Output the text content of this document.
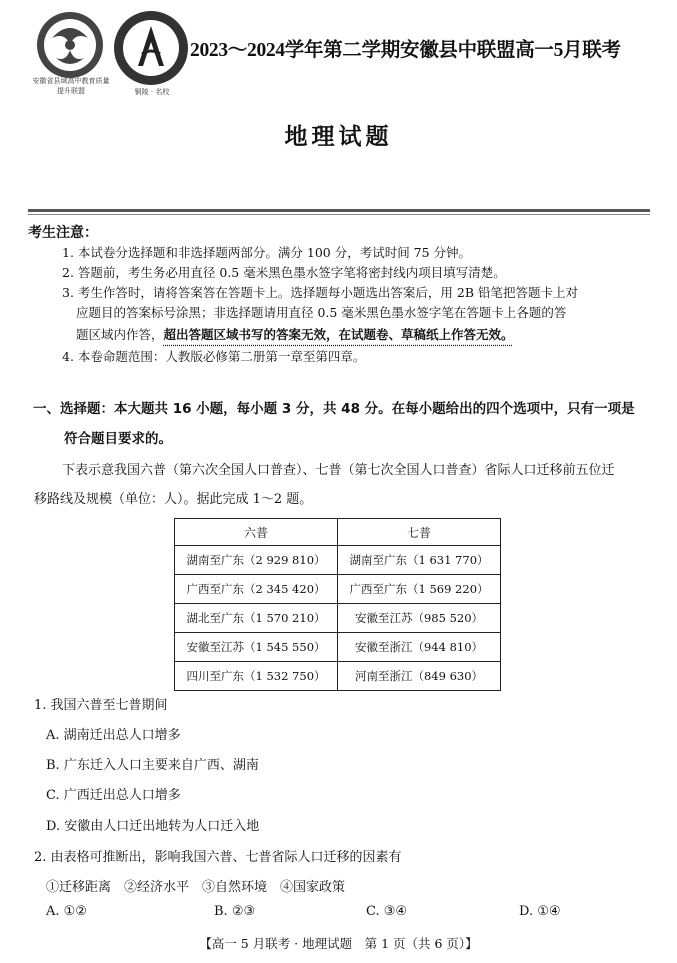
安徽省县域高中教育质量提升联盟	铜陵 · 名校
2023～2024学年第二学期安徽县中联盟高一5月联考
地理试题
考生注意：
1. 本试卷分选择题和非选择题两部分。满分 100 分，考试时间 75 分钟。
2. 答题前，考生务必用直径 0.5 毫米黑色墨水签字笔将密封线内项目填写清楚。
3. 考生作答时，请将答案答在答题卡上。选择题每小题选出答案后，用 2B 铅笔把答题卡上对
应题目的答案标号涂黑；非选择题请用直径 0.5 毫米黑色墨水签字笔在答题卡上各题的答
题区域内作答，超出答题区域书写的答案无效，在试题卷、草稿纸上作答无效。
4. 本卷命题范围：人教版必修第二册第一章至第四章。
一、选择题：本大题共 16 小题，每小题 3 分，共 48 分。在每小题给出的四个选项中，只有一项是
符合题目要求的。
下表示意我国六普（第六次全国人口普查）、七普（第七次全国人口普查）省际人口迁移前五位迁
移路线及规模（单位：人）。据此完成 1～2 题。
六普	七普
湖南至广东（2 929 810）	湖南至广东（1 631 770）
广西至广东（2 345 420）	广西至广东（1 569 220）
湖北至广东（1 570 210）	安徽至江苏（985 520）
安徽至江苏（1 545 550）	安徽至浙江（944 810）
四川至广东（1 532 750）	河南至浙江（849 630）
1. 我国六普至七普期间
A. 湖南迁出总人口增多
B. 广东迁入人口主要来自广西、湖南
C. 广西迁出总人口增多
D. 安徽由人口迁出地转为人口迁入地
2. 由表格可推断出，影响我国六普、七普省际人口迁移的因素有
①迁移距离　②经济水平　③自然环境　④国家政策
A. ①②	B. ②③	C. ③④	D. ①④
【高一 5 月联考 · 地理试题　第 1 页（共 6 页）】
